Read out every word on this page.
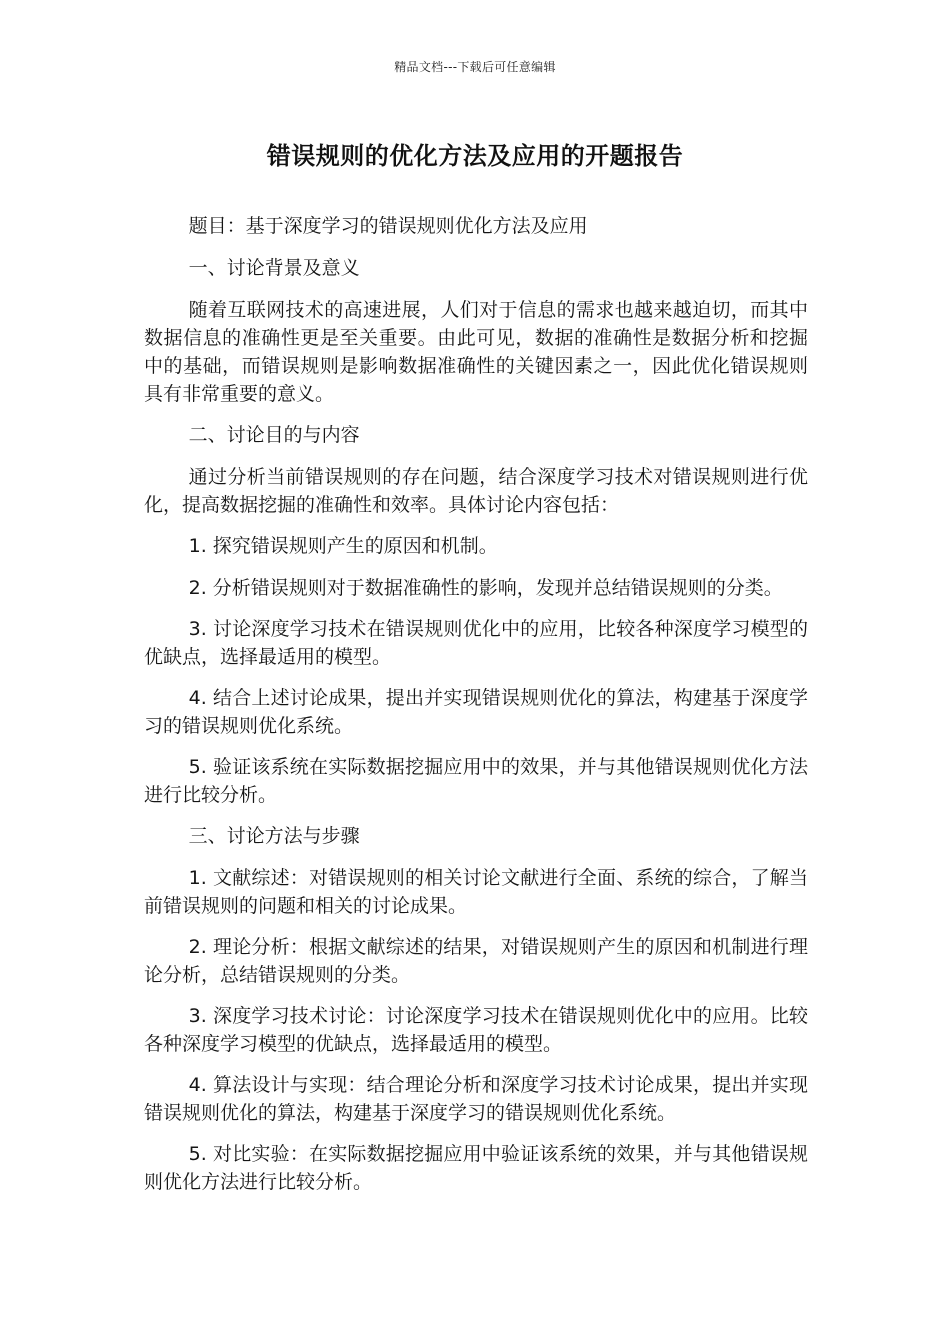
精品文档---下载后可任意编辑
错误规则的优化方法及应用的开题报告

题目：基于深度学习的错误规则优化方法及应用

一、讨论背景及意义

随着互联网技术的高速进展，人们对于信息的需求也越来越迫切，而其中数据信息的准确性更是至关重要。由此可见，数据的准确性是数据分析和挖掘中的基础，而错误规则是影响数据准确性的关键因素之一，因此优化错误规则具有非常重要的意义。

二、讨论目的与内容

通过分析当前错误规则的存在问题，结合深度学习技术对错误规则进行优化，提高数据挖掘的准确性和效率。具体讨论内容包括：

1. 探究错误规则产生的原因和机制。

2. 分析错误规则对于数据准确性的影响，发现并总结错误规则的分类。

3. 讨论深度学习技术在错误规则优化中的应用，比较各种深度学习模型的优缺点，选择最适用的模型。

4. 结合上述讨论成果，提出并实现错误规则优化的算法，构建基于深度学习的错误规则优化系统。

5. 验证该系统在实际数据挖掘应用中的效果，并与其他错误规则优化方法进行比较分析。

三、讨论方法与步骤

1. 文献综述：对错误规则的相关讨论文献进行全面、系统的综合，了解当前错误规则的问题和相关的讨论成果。

2. 理论分析：根据文献综述的结果，对错误规则产生的原因和机制进行理论分析，总结错误规则的分类。

3. 深度学习技术讨论：讨论深度学习技术在错误规则优化中的应用。比较各种深度学习模型的优缺点，选择最适用的模型。

4. 算法设计与实现：结合理论分析和深度学习技术讨论成果，提出并实现错误规则优化的算法，构建基于深度学习的错误规则优化系统。

5. 对比实验：在实际数据挖掘应用中验证该系统的效果，并与其他错误规则优化方法进行比较分析。
